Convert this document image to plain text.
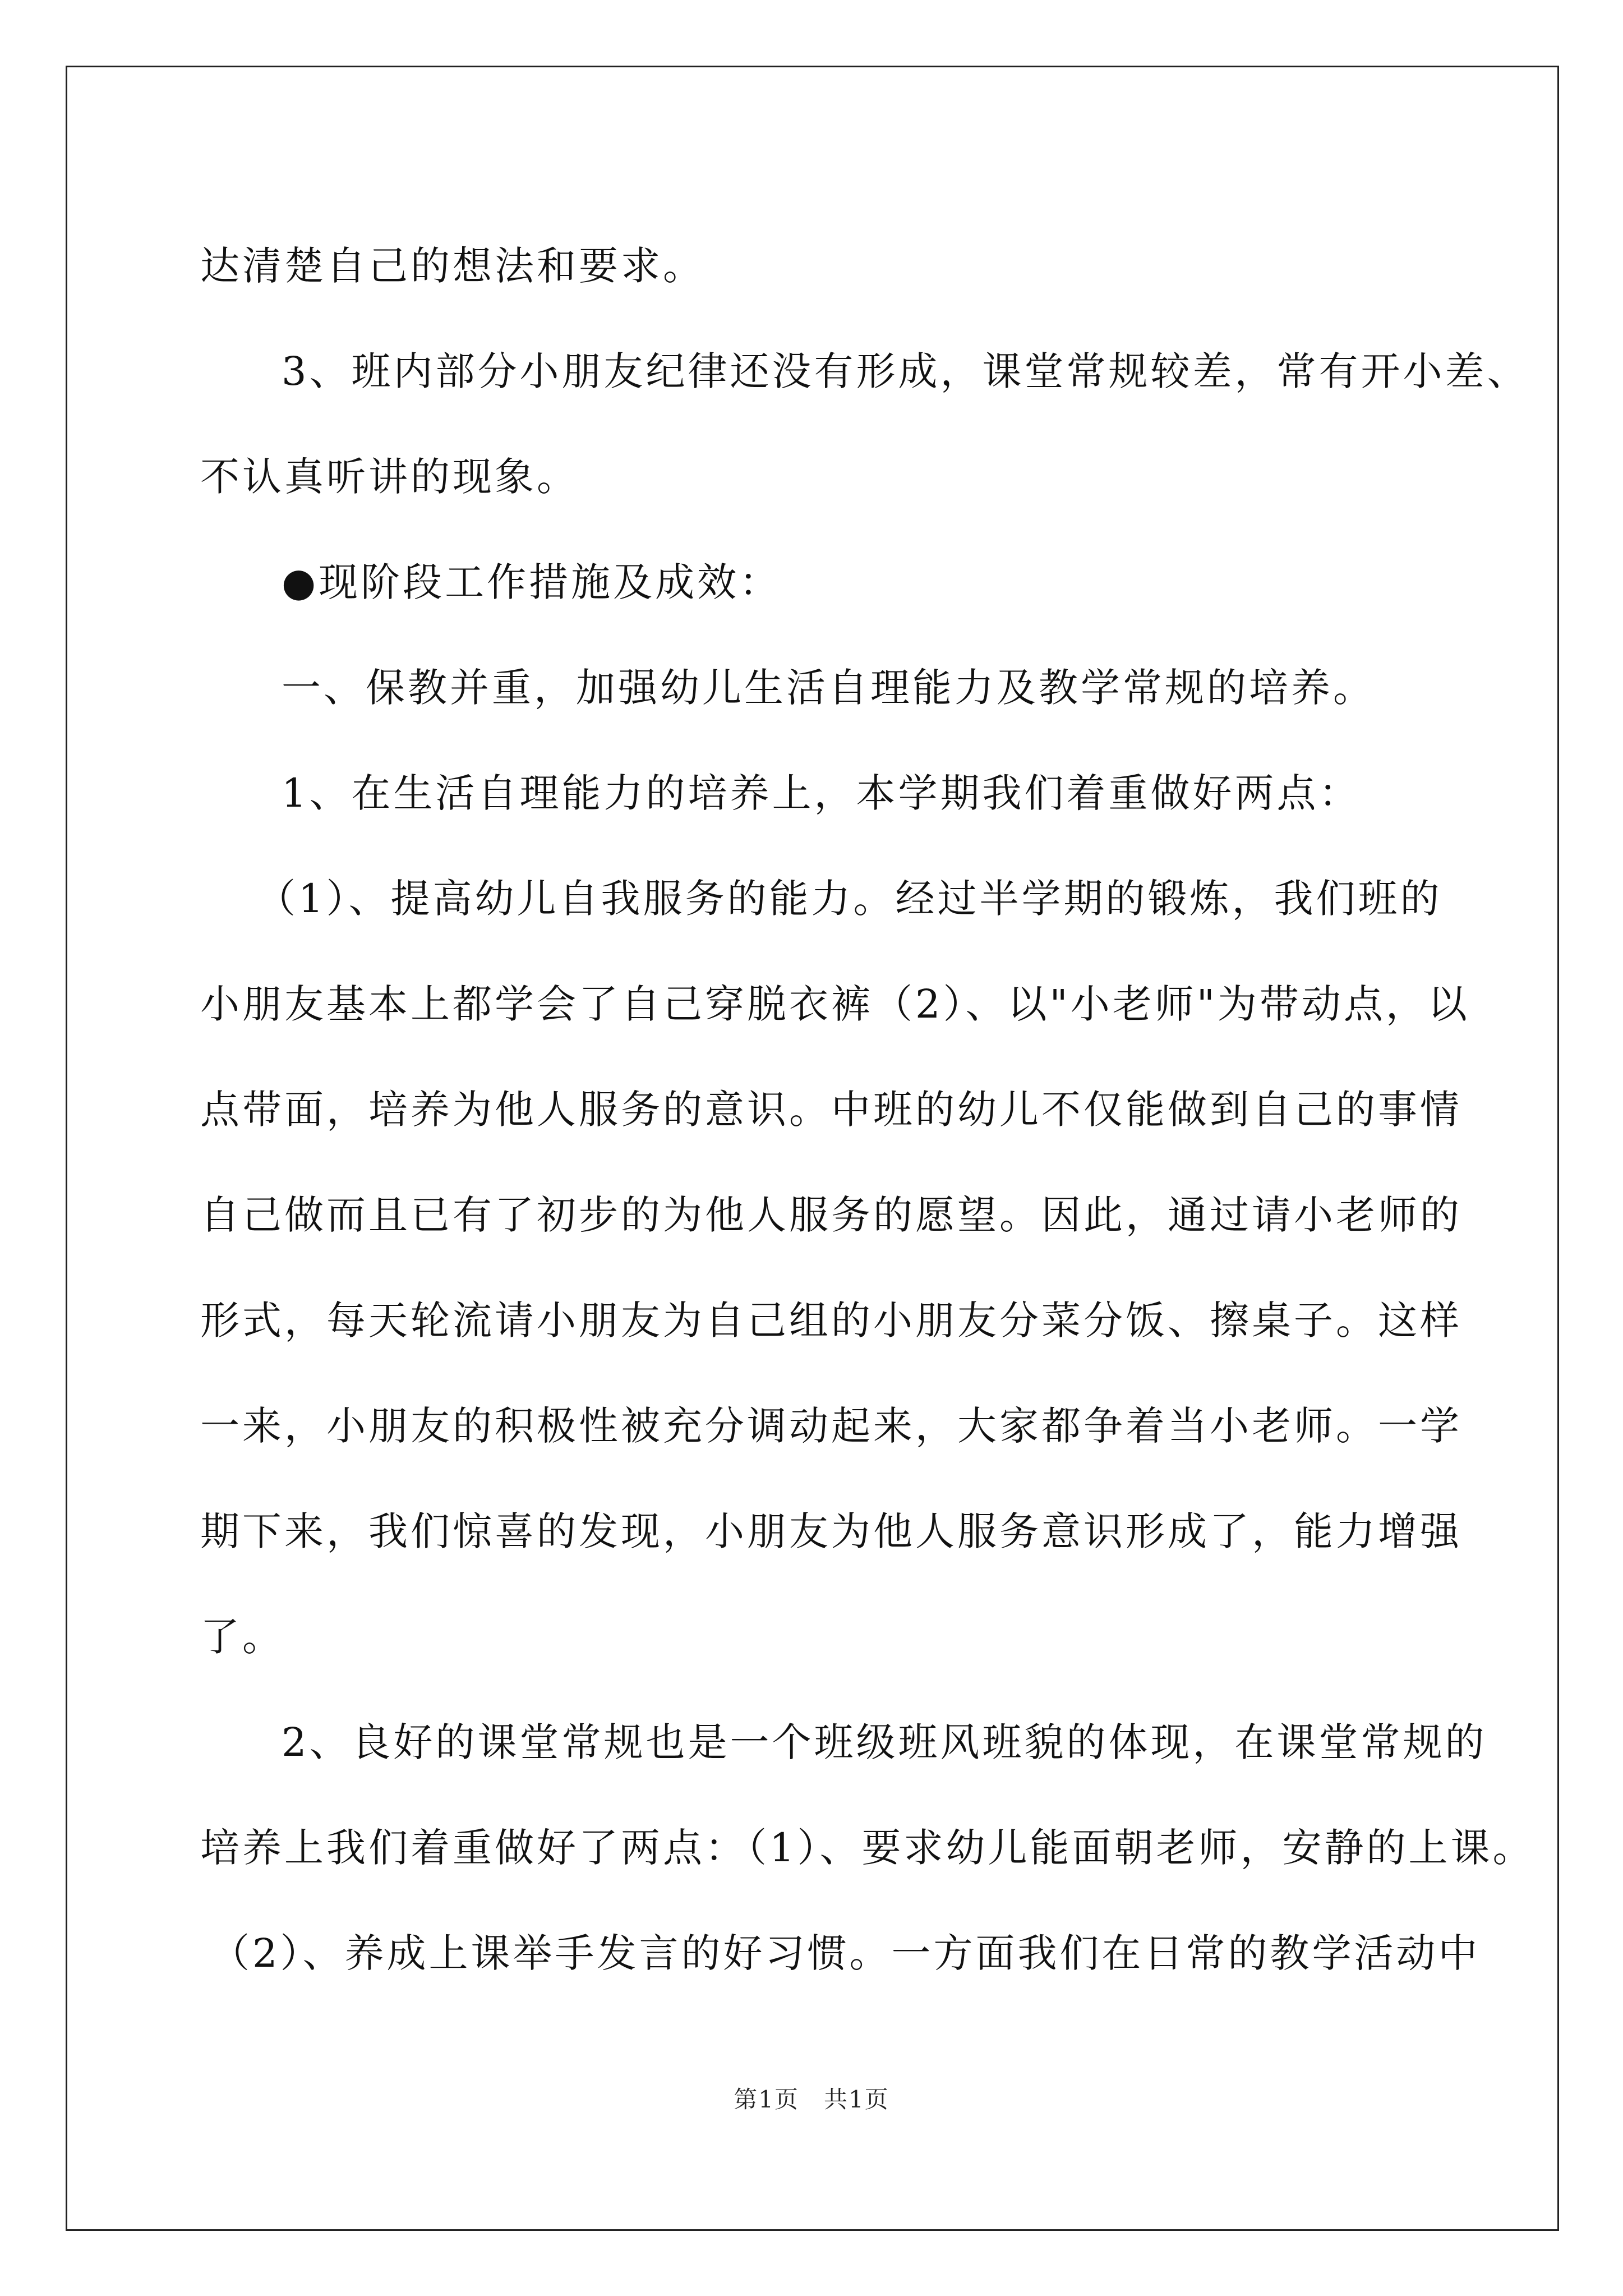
达清楚自己的想法和要求。
3、班内部分小朋友纪律还没有形成，课堂常规较差，常有开小差、
不认真听讲的现象。
●现阶段工作措施及成效：
一、保教并重，加强幼儿生活自理能力及教学常规的培养。
1、在生活自理能力的培养上，本学期我们着重做好两点：
（1）、提高幼儿自我服务的能力。经过半学期的锻炼，我们班的
小朋友基本上都学会了自己穿脱衣裤（2）、以"小老师"为带动点，以
点带面，培养为他人服务的意识。中班的幼儿不仅能做到自己的事情
自己做而且已有了初步的为他人服务的愿望。因此，通过请小老师的
形式，每天轮流请小朋友为自己组的小朋友分菜分饭、擦桌子。这样
一来，小朋友的积极性被充分调动起来，大家都争着当小老师。一学
期下来，我们惊喜的发现，小朋友为他人服务意识形成了，能力增强
了。
2、良好的课堂常规也是一个班级班风班貌的体现，在课堂常规的
培养上我们着重做好了两点：（1）、要求幼儿能面朝老师，安静的上课。
（2）、养成上课举手发言的好习惯。一方面我们在日常的教学活动中
第1页　共1页
